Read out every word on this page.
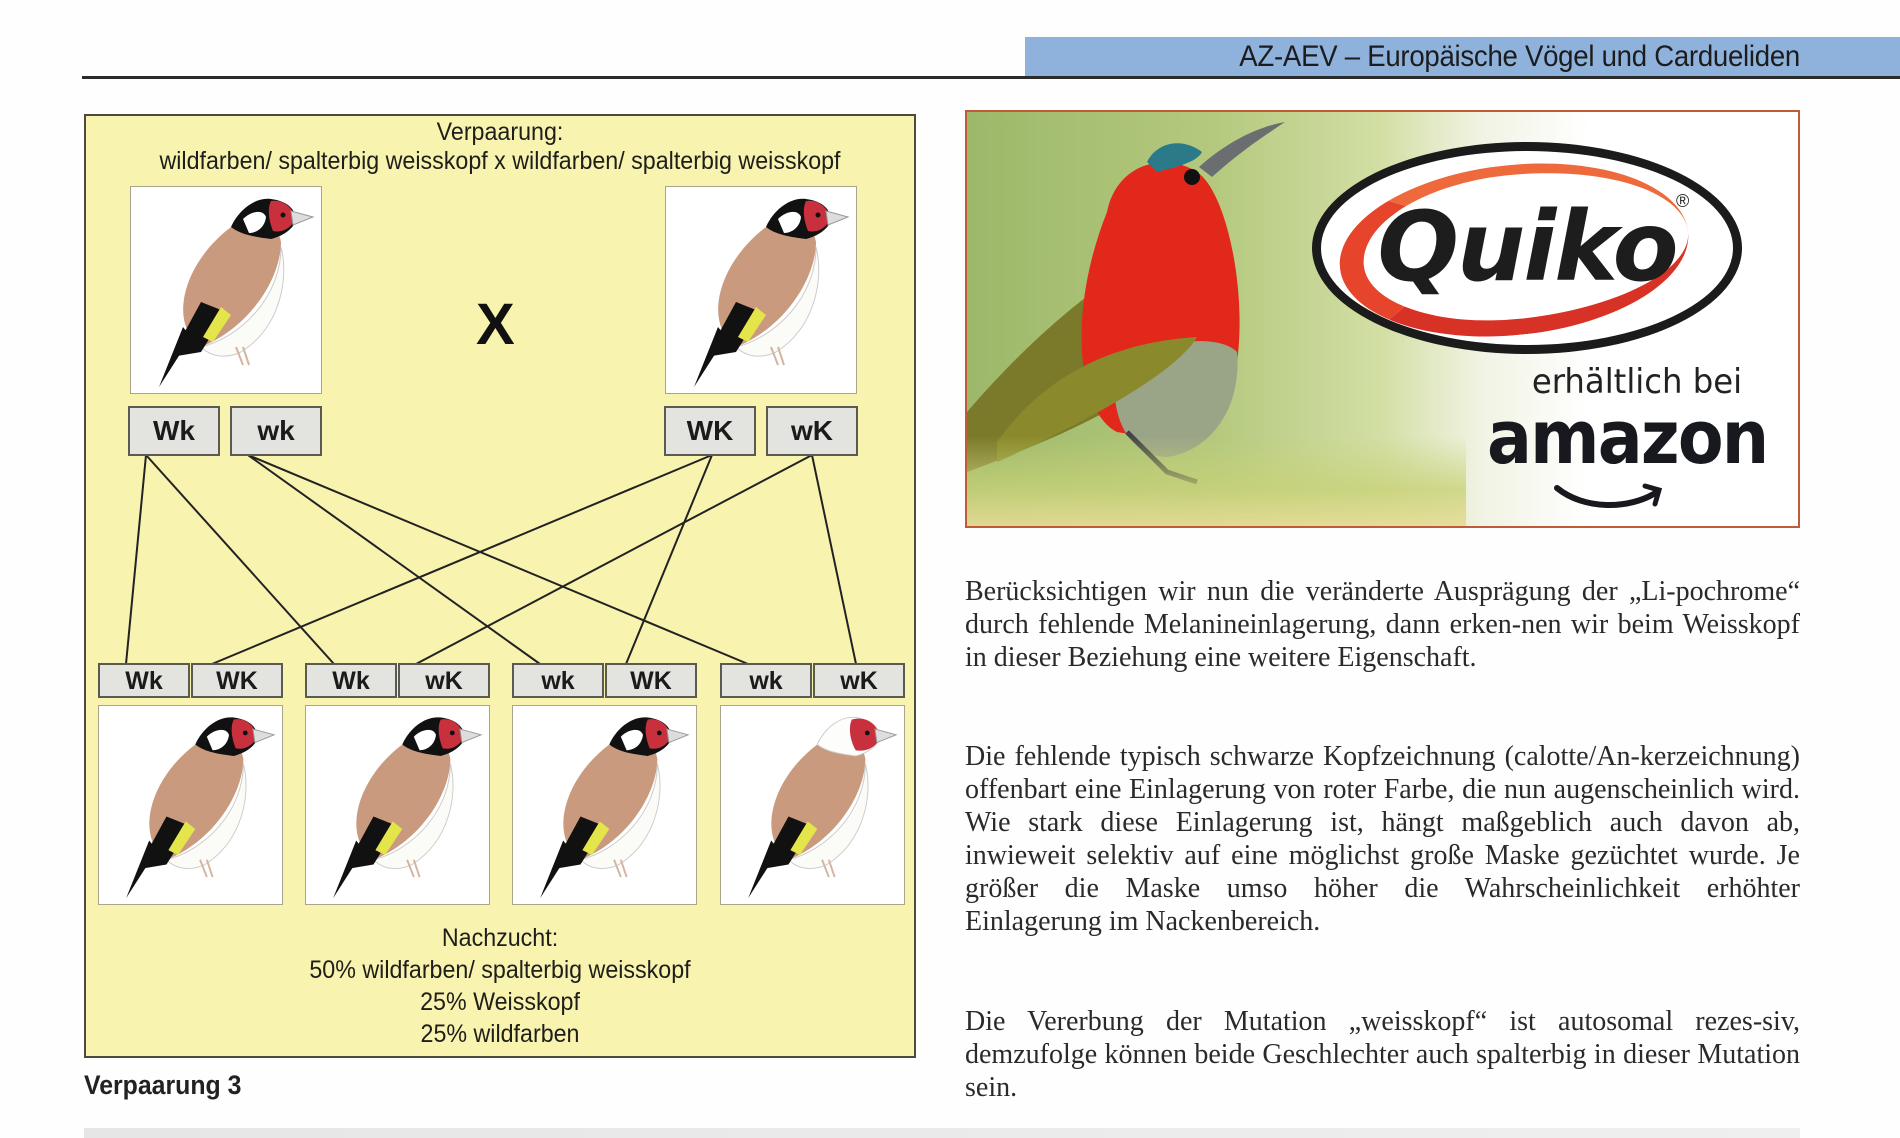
AZ-AEV – Europäische Vögel und Cardueliden
Verpaarung:
wildfarben/ spalterbig weisskopf x wildfarben/ spalterbig weisskopf
X
Wk	wk	WK	wK
Wk	WK	Wk	wK	wk	WK	wk	wK
Nachzucht:
50% wildfarben/ spalterbig weisskopf
25% Weisskopf
25% wildfarben
Verpaarung 3
Quiko ®
erhältlich bei
amazon
Berücksichtigen wir nun die veränderte Ausprägung der „Li-pochrome“ durch fehlende Melanineinlagerung, dann erken-nen wir beim Weisskopf in dieser Beziehung eine weitere Eigenschaft.
Die fehlende typisch schwarze Kopfzeichnung (calotte/An-kerzeichnung) offenbart eine Einlagerung von roter Farbe, die nun augenscheinlich wird. Wie stark diese Einlagerung ist, hängt maßgeblich auch davon ab, inwieweit selektiv auf eine möglichst große Maske gezüchtet wurde. Je größer die Maske umso höher die Wahrscheinlichkeit erhöhter Einlagerung im Nackenbereich.
Die Vererbung der Mutation „weisskopf“ ist autosomal rezes-siv, demzufolge können beide Geschlechter auch spalterbig in dieser Mutation sein.
